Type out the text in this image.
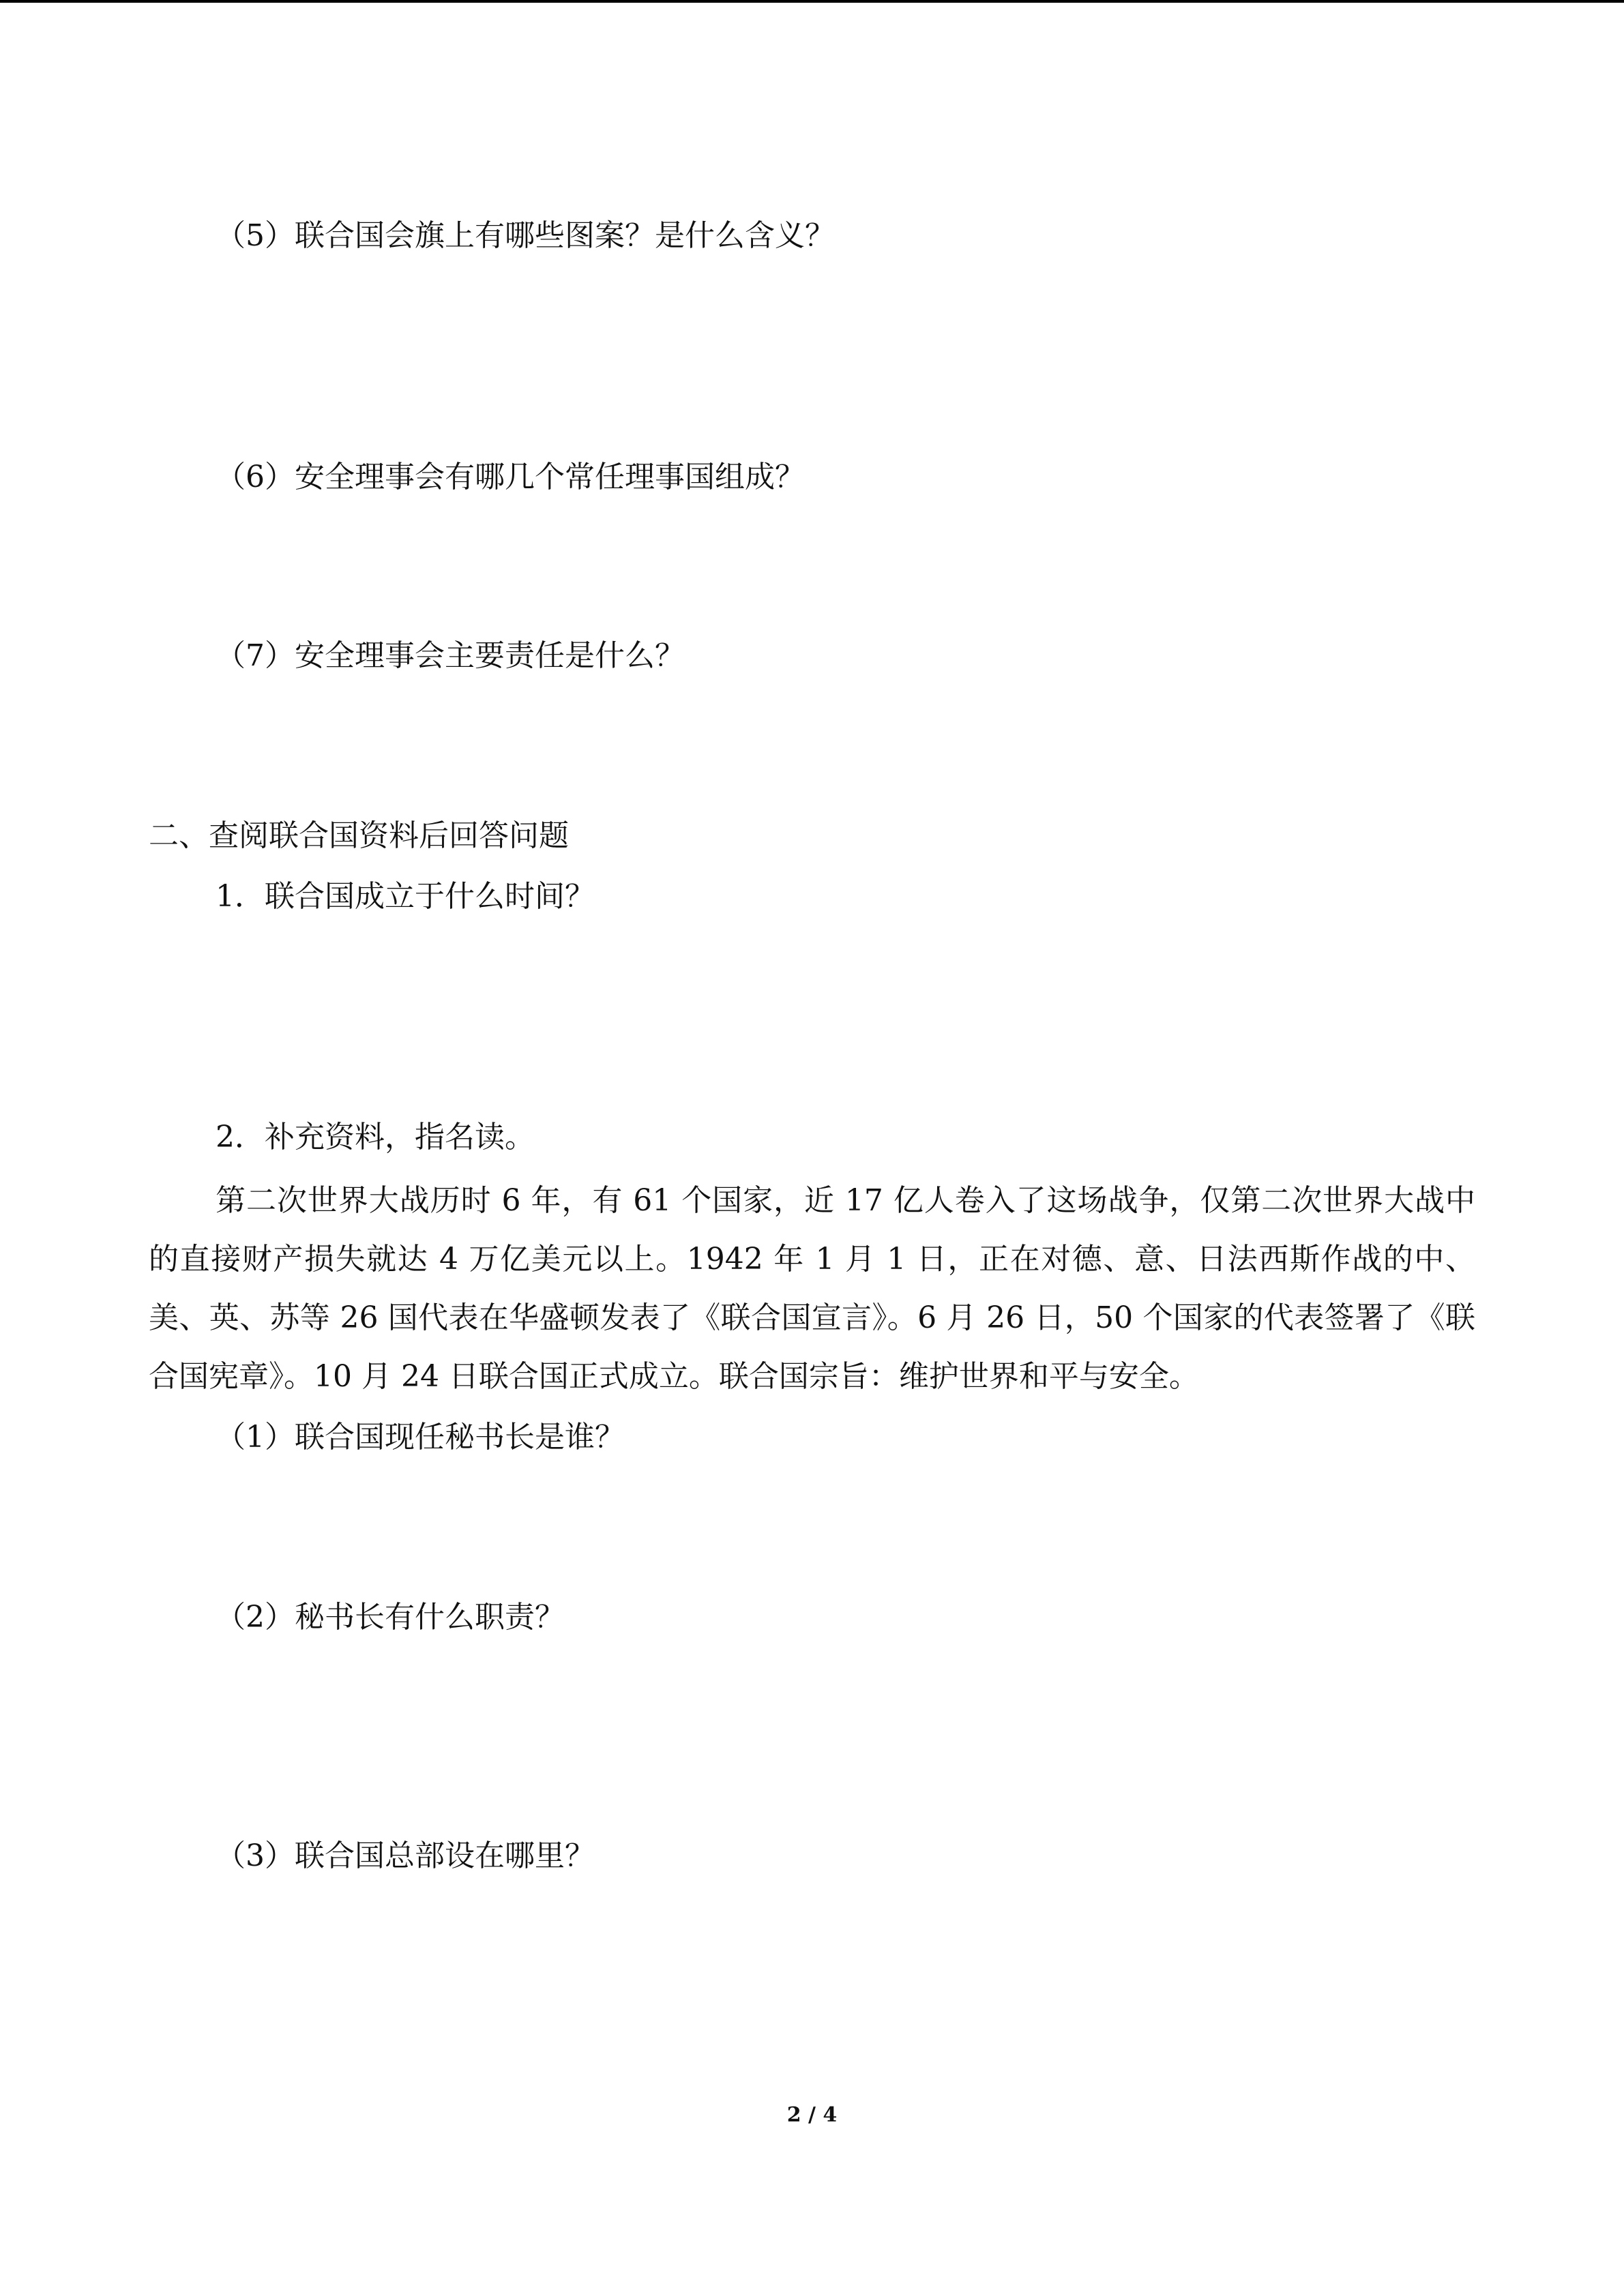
（5）联合国会旗上有哪些图案？是什么含义？
（6）安全理事会有哪几个常任理事国组成？
（7）安全理事会主要责任是什么？
二、查阅联合国资料后回答问题
1．联合国成立于什么时间？
2．补充资料，指名读。
第二次世界大战历时 6 年，有 61 个国家，近 17 亿人卷入了这场战争，仅第二次世界大战中的直接财产损失就达 4 万亿美元以上。1942 年 1 月 1 日，正在对德、意、日法西斯作战的中、美、英、苏等 26 国代表在华盛顿发表了《联合国宣言》。6 月 26 日，50 个国家的代表签署了《联合国宪章》。10 月 24 日联合国正式成立。联合国宗旨：维护世界和平与安全。
（1）联合国现任秘书长是谁？
（2）秘书长有什么职责？
（3）联合国总部设在哪里？
2 / 4
